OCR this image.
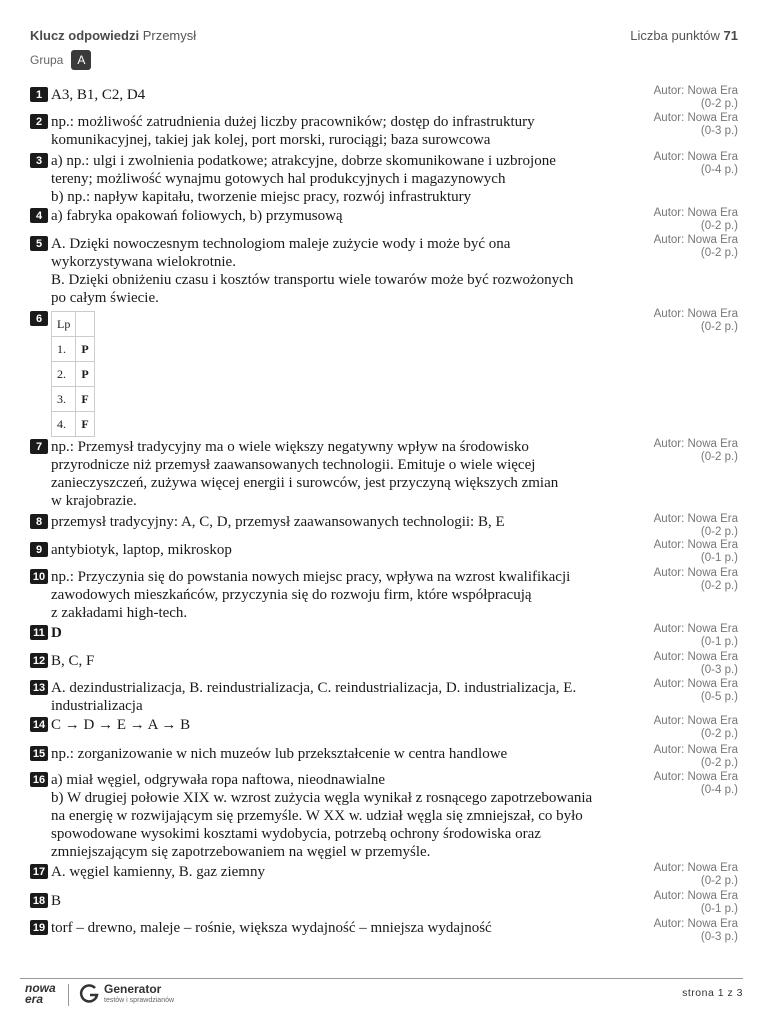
Klucz odpowiedzi Przemysł	Liczba punktów 71
Grupa	A
1 A3, B1, C2, D4	Autor: Nowa Era
(0-2 p.)
2 np.: możliwość zatrudnienia dużej liczby pracowników; dostęp do infrastruktury
komunikacyjnej, takiej jak kolej, port morski, rurociągi; baza surowcowa
Autor: Nowa Era
(0-3 p.)
3 a) np.: ulgi i zwolnienia podatkowe; atrakcyjne, dobrze skomunikowane i uzbrojone
tereny; możliwość wynajmu gotowych hal produkcyjnych i magazynowych
b) np.: napływ kapitału, tworzenie miejsc pracy, rozwój infrastruktury
Autor: Nowa Era
(0-4 p.)
4 a) fabryka opakowań foliowych, b) przymusową	Autor: Nowa Era
(0-2 p.)
5 A. Dzięki nowoczesnym technologiom maleje zużycie wody i może być ona
wykorzystywana wielokrotnie.
B. Dzięki obniżeniu czasu i kosztów transportu wiele towarów może być rozwożonych
po całym świecie.
Autor: Nowa Era
(0-2 p.)
6	Lp	
1.	P
2.	P
3.	F
4.	F
Autor: Nowa Era
(0-2 p.)
7 np.: Przemysł tradycyjny ma o wiele większy negatywny wpływ na środowisko
przyrodnicze niż przemysł zaawansowanych technologii. Emituje o wiele więcej
zanieczyszczeń, zużywa więcej energii i surowców, jest przyczyną większych zmian
w krajobrazie.
Autor: Nowa Era
(0-2 p.)
8 przemysł tradycyjny: A, C, D, przemysł zaawansowanych technologii: B, E	Autor: Nowa Era
(0-2 p.)
9 antybiotyk, laptop, mikroskop	Autor: Nowa Era
(0-1 p.)
10 np.: Przyczynia się do powstania nowych miejsc pracy, wpływa na wzrost kwalifikacji
zawodowych mieszkańców, przyczynia się do rozwoju firm, które współpracują
z zakładami high-tech.
Autor: Nowa Era
(0-2 p.)
11 D	Autor: Nowa Era
(0-1 p.)
12 B, C, F	Autor: Nowa Era
(0-3 p.)
13 A. dezindustrializacja, B. reindustrializacja, C. reindustrializacja, D. industrializacja, E.
industrializacja
Autor: Nowa Era
(0-5 p.)
14 C → D → E → A → B	Autor: Nowa Era
(0-2 p.)
15 np.: zorganizowanie w nich muzeów lub przekształcenie w centra handlowe	Autor: Nowa Era
(0-2 p.)
16 a) miał węgiel, odgrywała ropa naftowa, nieodnawialne
b) W drugiej połowie XIX w. wzrost zużycia węgla wynikał z rosnącego zapotrzebowania
na energię w rozwijającym się przemyśle. W XX w. udział węgla się zmniejszał, co było
spowodowane wysokimi kosztami wydobycia, potrzebą ochrony środowiska oraz
zmniejszającym się zapotrzebowaniem na węgiel w przemyśle.
Autor: Nowa Era
(0-4 p.)
17 A. węgiel kamienny, B. gaz ziemny	Autor: Nowa Era
(0-2 p.)
18 B	Autor: Nowa Era
(0-1 p.)
19 torf – drewno, maleje – rośnie, większa wydajność – mniejsza wydajność	Autor: Nowa Era
(0-3 p.)
nowa
era
Generator
testów i sprawdzianów
strona 1 z 3
